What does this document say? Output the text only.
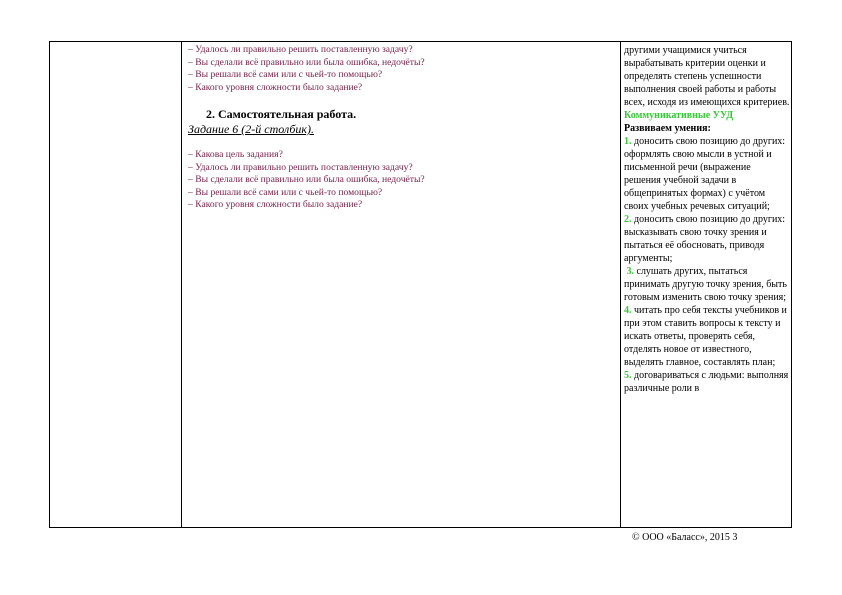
– Удалось ли правильно решить поставленную задачу?
– Вы сделали всё правильно или была ошибка, недочёты?
– Вы решали всё сами или с чьей-то помощью?
– Какого уровня сложности было задание?
2. Самостоятельная работа.
Задание 6 (2-й столбик).
– Какова цель задания?
– Удалось ли правильно решить поставленную задачу?
– Вы сделали всё правильно или была ошибка, недочёты?
– Вы решали всё сами или с чьей-то помощью?
– Какого уровня сложности было задание?
другими учащимися учиться вырабатывать критерии оценки и определять степень успешности выполнения своей работы и работы всех, исходя из имеющихся критериев.
Коммуникативные УУД
Развиваем умения:

1. доносить свою позицию до других: оформлять свою мысли в устной и письменной речи (выражение решения учебной задачи в общепринятых формах) с учётом своих учебных речевых ситуаций;

2. доносить свою позицию до других: высказывать свою точку зрения и пытаться её обосновать, приводя аргументы;

3. слушать других, пытаться принимать другую точку зрения, быть готовым изменить свою точку зрения;

4. читать про себя тексты учебников и при этом ставить вопросы к тексту и искать ответы, проверять себя, отделять новое от известного, выделять главное, составлять план;

5. договариваться с людьми: выполняя различные роли в

© ООО «Баласс», 2015 3
